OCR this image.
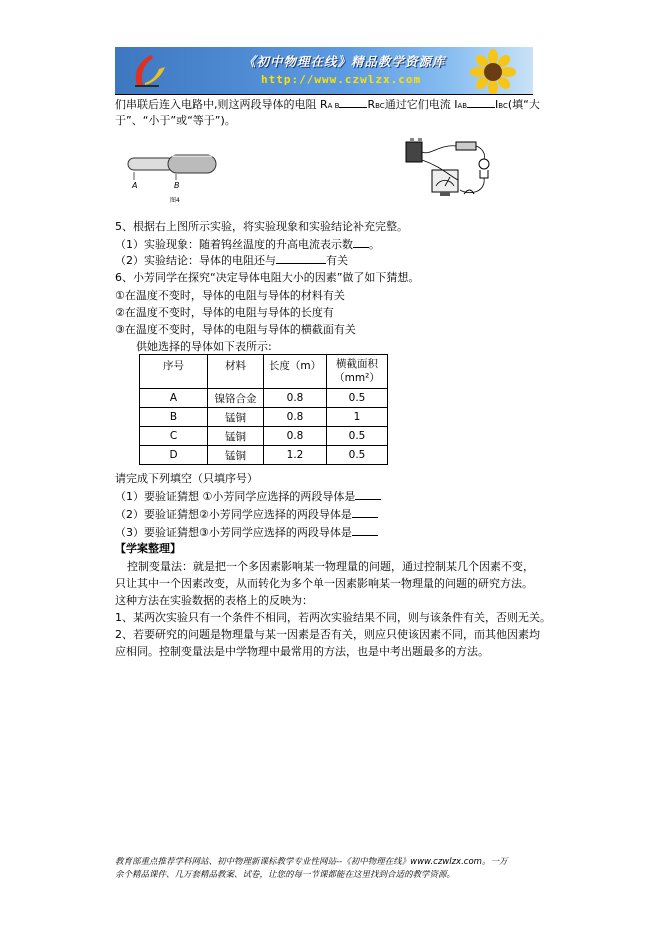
《初中物理在线》精品教学资源库
http://www.czwlzx.com
们串联后连入电路中,则这两段导体的电阻 RA B	RBC通过它们电流 IAB	IBC(填“大
于”、“小于”或“等于”)。
A	B
图4
5、根据右上图所示实验，将实验现象和实验结论补充完整。
（1）实验现象：随着钨丝温度的升高电流表示数 。
（2）实验结论：导体的电阻还与	有关
6、小芳同学在探究“决定导体电阻大小的因素”做了如下猜想。
①在温度不变时，导体的电阻与导体的材料有关
②在温度不变时，导体的电阻与导体的长度有
③在温度不变时，导体的电阻与导体的横截面有关
供她选择的导体如下表所示:
序号	材料	长度（m）	横截面积
（mm²）
A	镍铬合金	0.8	0.5
B	锰铜	0.8	1
C	锰铜	0.8	0.5
D	锰铜	1.2	0.5
请完成下列填空（只填序号）
（1）要验证猜想 ①小芳同学应选择的两段导体是
（2）要验证猜想②小芳同学应选择的两段导体是
（3）要验证猜想③小芳同学应选择的两段导体是
【学案整理】
控制变量法：就是把一个多因素影响某一物理量的问题，通过控制某几个因素不变，
只让其中一个因素改变，从而转化为多个单一因素影响某一物理量的问题的研究方法。
这种方法在实验数据的表格上的反映为：
1、某两次实验只有一个条件不相同，若两次实验结果不同，则与该条件有关，否则无关。
2、若要研究的问题是物理量与某一因素是否有关，则应只使该因素不同，而其他因素均
应相同。控制变量法是中学物理中最常用的方法，也是中考出题最多的方法。
教育部重点推荐学科网站、初中物理新课标教学专业性网站--《初中物理在线》www.czwlzx.com。一万
余个精品课件、几万套精品教案、试卷，让您的每一节课都能在这里找到合适的教学资源。
